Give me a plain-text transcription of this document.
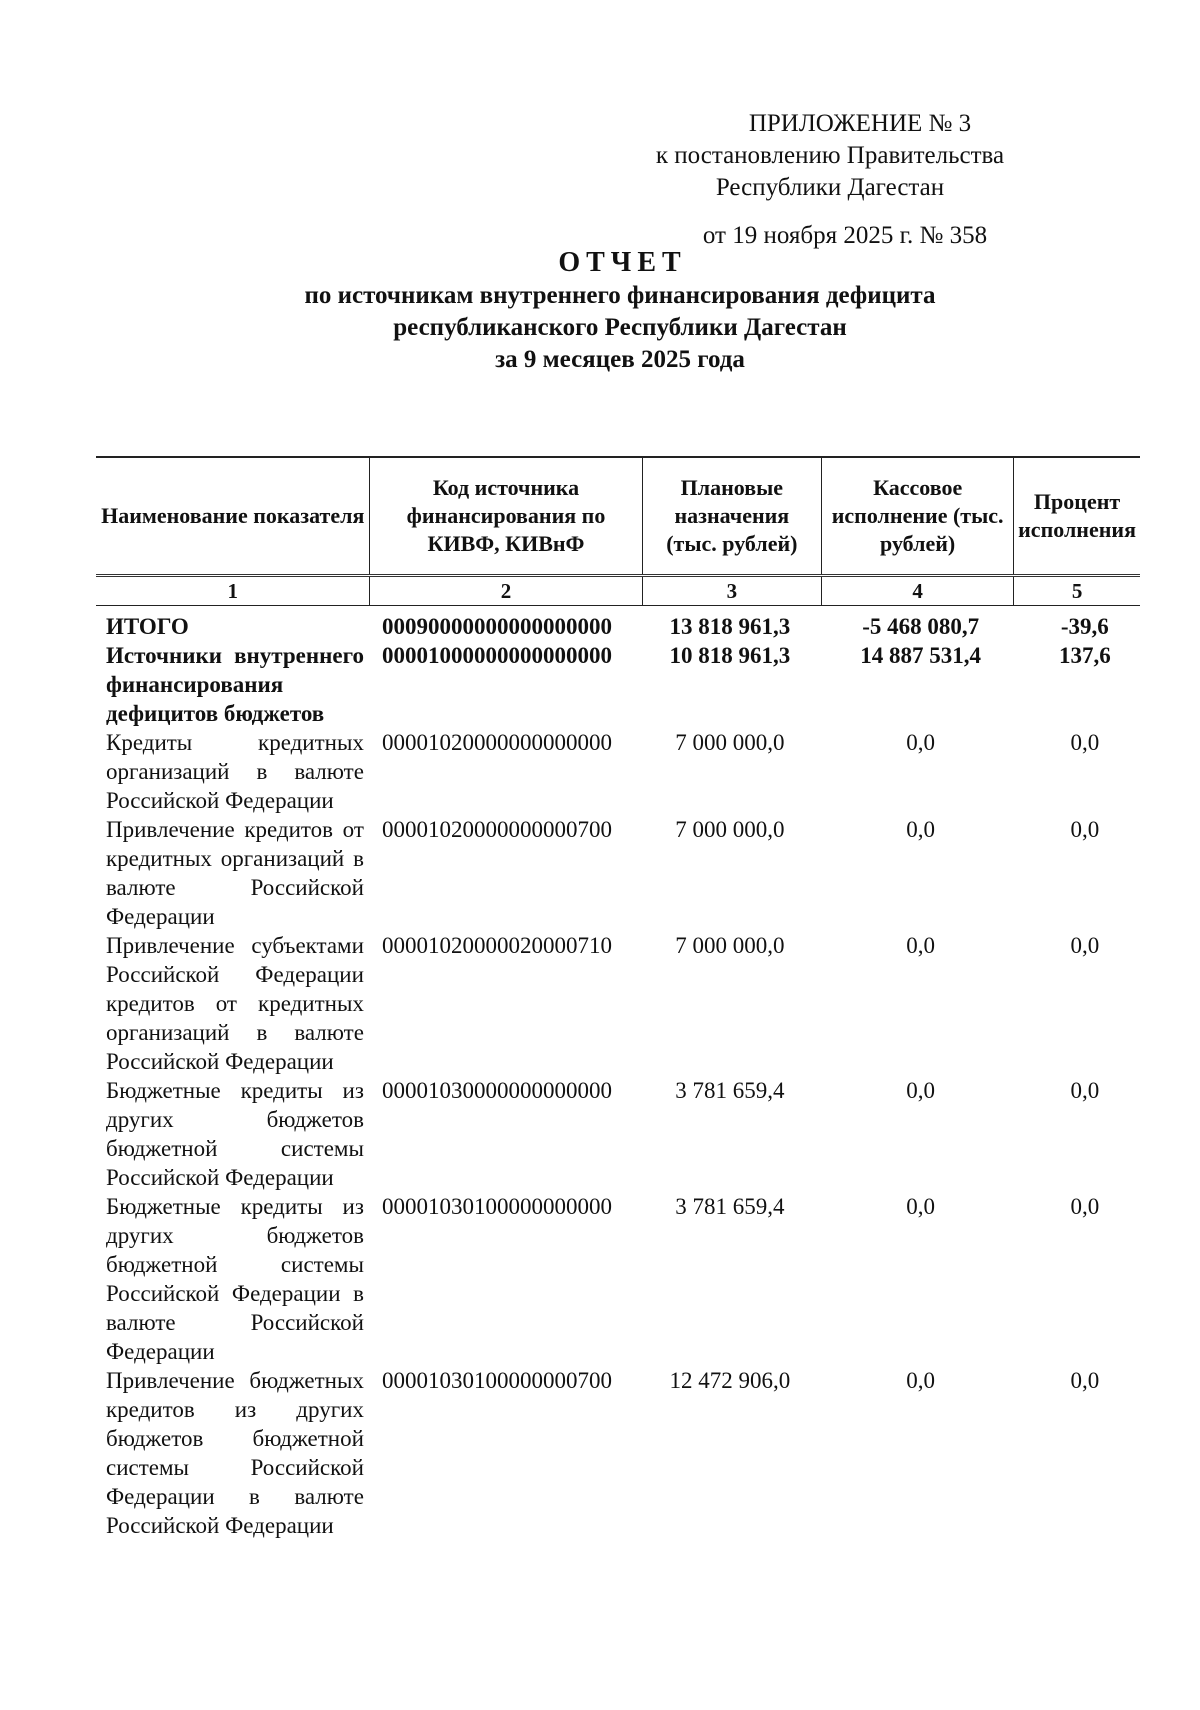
ПРИЛОЖЕНИЕ № 3
к постановлению Правительства
Республики Дагестан
от 19 ноября 2025 г. № 358
ОТЧЕТ
по источникам внутреннего финансирования дефицита
республиканского Республики Дагестан
за 9 месяцев 2025 года
Наименование показателя	Код источника финансирования по КИВФ, КИВнФ	Плановые назначения (тыс. рублей)	Кассовое исполнение (тыс. рублей)	Процент исполнения
1	2	3	4	5
ИТОГО	00090000000000000000	13 818 961,3	-5 468 080,7	-39,6
Источники внутреннего финансирования дефицитов бюджетов	00001000000000000000	10 818 961,3	14 887 531,4	137,6
Кредиты кредитных организаций в валюте Российской Федерации	00001020000000000000	7 000 000,0	0,0	0,0
Привлечение кредитов от кредитных организаций в валюте Российской Федерации	00001020000000000700	7 000 000,0	0,0	0,0
Привлечение субъектами Российской Федерации кредитов от кредитных организаций в валюте Российской Федерации	00001020000020000710	7 000 000,0	0,0	0,0
Бюджетные кредиты из других бюджетов бюджетной системы Российской Федерации	00001030000000000000	3 781 659,4	0,0	0,0
Бюджетные кредиты из других бюджетов бюджетной системы Российской Федерации в валюте Российской Федерации	00001030100000000000	3 781 659,4	0,0	0,0
Привлечение бюджетных кредитов из других бюджетов бюджетной системы Российской Федерации в валюте Российской Федерации	00001030100000000700	12 472 906,0	0,0	0,0
